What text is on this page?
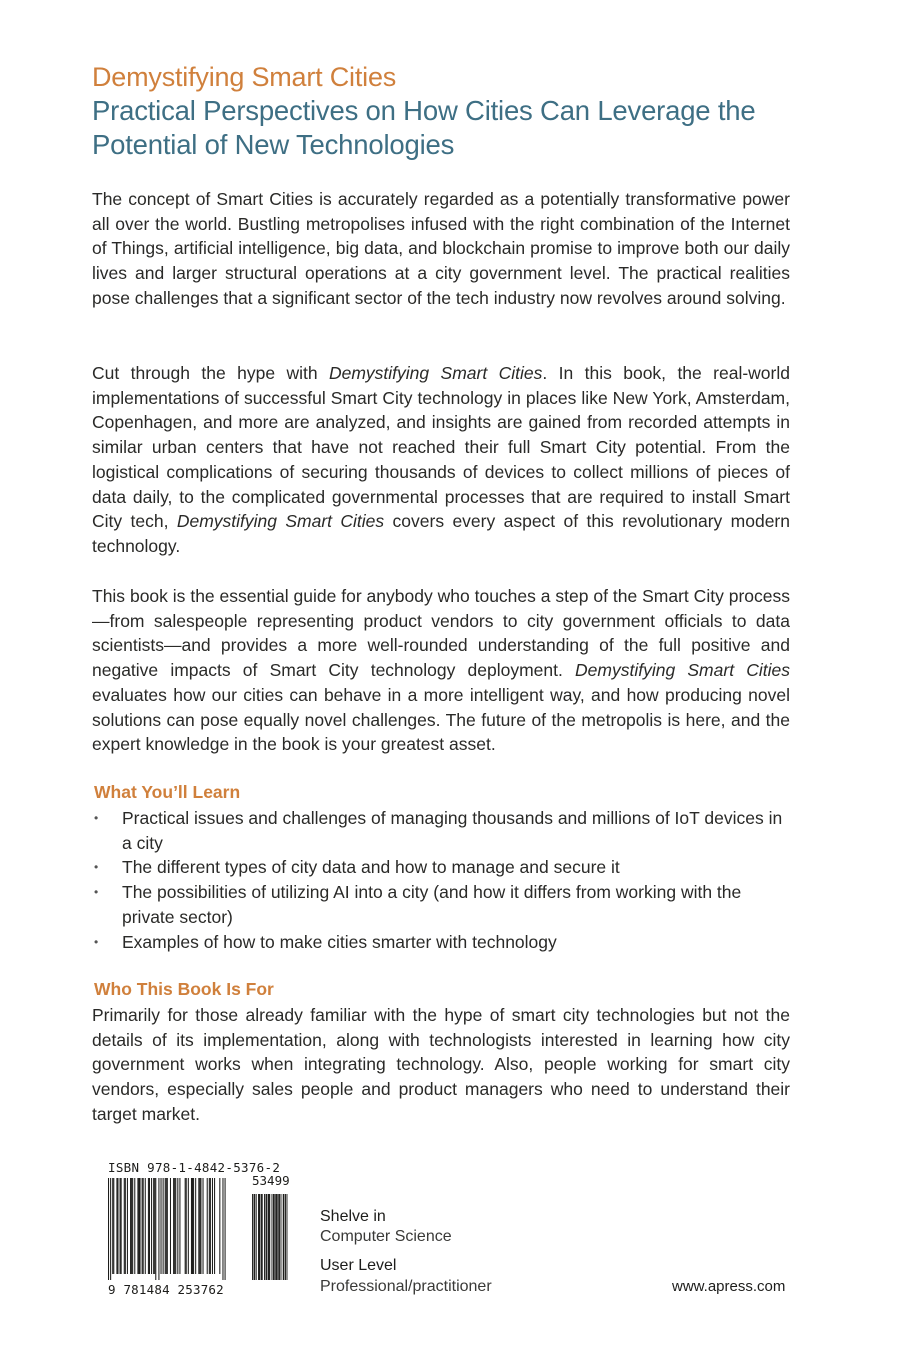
Demystifying Smart Cities
Practical Perspectives on How Cities Can Leverage the Potential of New Technologies

The concept of Smart Cities is accurately regarded as a potentially transformative power all over the world. Bustling metropolises infused with the right combination of the Internet of Things, artificial intelligence, big data, and blockchain promise to improve both our daily lives and larger structural operations at a city government level. The practical realities pose challenges that a significant sector of the tech industry now revolves around solving.

Cut through the hype with Demystifying Smart Cities. In this book, the real-world implementations of successful Smart City technology in places like New York, Amsterdam, Copenhagen, and more are analyzed, and insights are gained from recorded attempts in similar urban centers that have not reached their full Smart City potential. From the logistical complications of securing thousands of devices to collect millions of pieces of data daily, to the complicated governmental processes that are required to install Smart City tech, Demystifying Smart Cities covers every aspect of this revolutionary modern technology.

This book is the essential guide for anybody who touches a step of the Smart City process—from salespeople representing product vendors to city government officials to data scientists—and provides a more well-rounded understanding of the full positive and negative impacts of Smart City technology deployment. Demystifying Smart Cities evaluates how our cities can behave in a more intelligent way, and how producing novel solutions can pose equally novel challenges. The future of the metropolis is here, and the expert knowledge in the book is your greatest asset.

What You’ll Learn
• Practical issues and challenges of managing thousands and millions of IoT devices in a city
• The different types of city data and how to manage and secure it
• The possibilities of utilizing AI into a city (and how it differs from working with the private sector)
• Examples of how to make cities smarter with technology
Who This Book Is For

Primarily for those already familiar with the hype of smart city technologies but not the details of its implementation, along with technologists interested in learning how city government works when integrating technology. Also, people working for smart city vendors, especially sales people and product managers who need to understand their target market.

ISBN 978-1-4842-5376-2
53499
9 781484 253762
Shelve in
Computer Science
User Level
Professional/practitioner	www.apress.com
